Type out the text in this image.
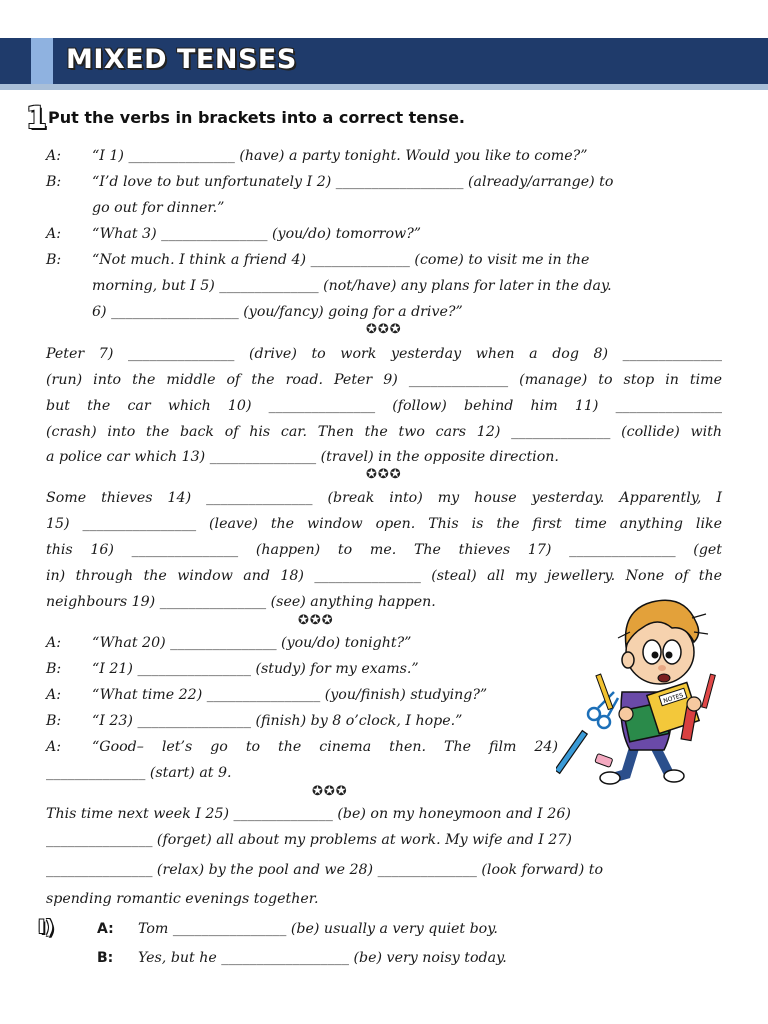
MIXED TENSES
1 Put the verbs in brackets into a correct tense.
A: “I 1) _______________ (have) a party tonight. Would you like to come?”
B: “I’d love to but unfortunately I 2) __________________ (already/arrange) to
go out for dinner.”
A: “What 3) _______________ (you/do) tomorrow?”
B: “Not much. I think a friend 4) ______________ (come) to visit me in the
morning, but I 5) ______________ (not/have) any plans for later in the day.
6) __________________ (you/fancy) going for a drive?”
✪✪✪
Peter 7) _______________ (drive) to work yesterday when a dog 8) ______________
(run) into the middle of the road. Peter 9) ______________ (manage) to stop in time
but the car which 10) _______________ (follow) behind him 11) _______________
(crash) into the back of his car. Then the two cars 12) ______________ (collide) with
a police car which 13) _______________ (travel) in the opposite direction.
✪✪✪
Some thieves 14) _______________ (break into) my house yesterday. Apparently, I
15) ________________ (leave) the window open. This is the first time anything like
this 16) _______________ (happen) to me. The thieves 17) _______________ (get
in) through the window and 18) _______________ (steal) all my jewellery. None of the
neighbours 19) _______________ (see) anything happen.
✪✪✪
A: “What 20) _______________ (you/do) tonight?”
B: “I 21) ________________ (study) for my exams.”
A: “What time 22) ________________ (you/finish) studying?”
B: “I 23) ________________ (finish) by 8 o’clock, I hope.”
A: “Good– let’s go to the cinema then. The film 24)
______________ (start) at 9.
✪✪✪
This time next week I 25) ______________ (be) on my honeymoon and I 26)
_______________ (forget) all about my problems at work. My wife and I 27)
_______________ (relax) by the pool and we 28) ______________ (look forward) to
spending romantic evenings together.
I)	A: Tom ________________ (be) usually a very quiet boy.
B: Yes, but he __________________ (be) very noisy today.
NOTES
